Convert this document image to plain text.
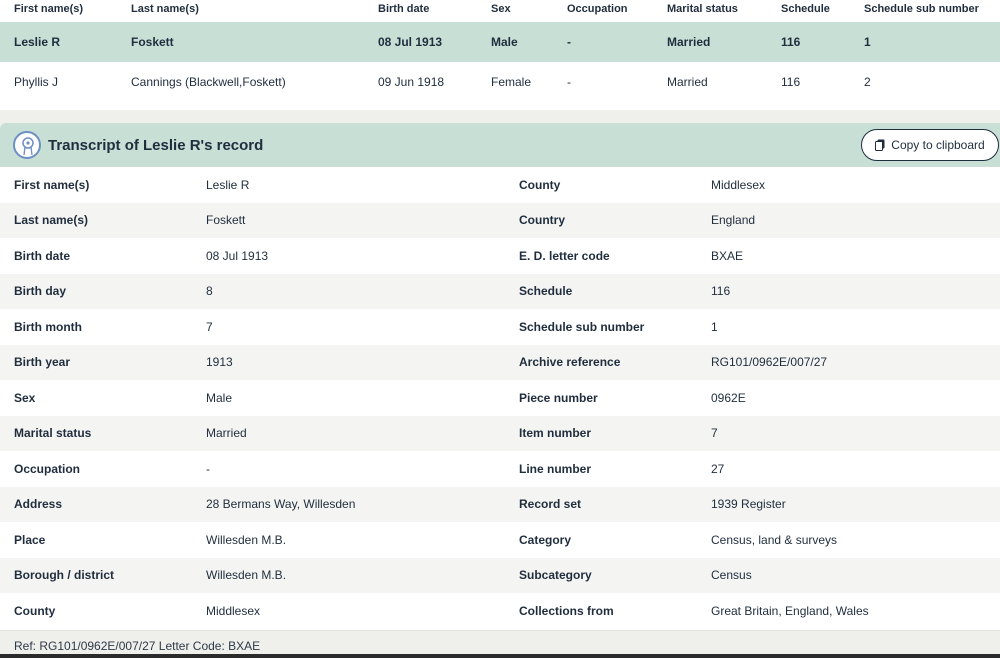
First name(s)	Last name(s)	Birth date	Sex	Occupation	Marital status	Schedule	Schedule sub number
Leslie R	Foskett	08 Jul 1913	Male	-	Married	116	1
Phyllis J	Cannings (Blackwell,Foskett)	09 Jun 1918	Female	-	Married	116	2
Transcript of Leslie R's record	Copy to clipboard
First name(s)	Leslie R	County	Middlesex
Last name(s)	Foskett	Country	England
Birth date	08 Jul 1913	E. D. letter code	BXAE
Birth day	8	Schedule	116
Birth month	7	Schedule sub number	1
Birth year	1913	Archive reference	RG101/0962E/007/27
Sex	Male	Piece number	0962E
Marital status	Married	Item number	7
Occupation	-	Line number	27
Address	28 Bermans Way, Willesden	Record set	1939 Register
Place	Willesden M.B.	Category	Census, land & surveys
Borough / district	Willesden M.B.	Subcategory	Census
County	Middlesex	Collections from	Great Britain, England, Wales
Ref: RG101/0962E/007/27 Letter Code: BXAE
